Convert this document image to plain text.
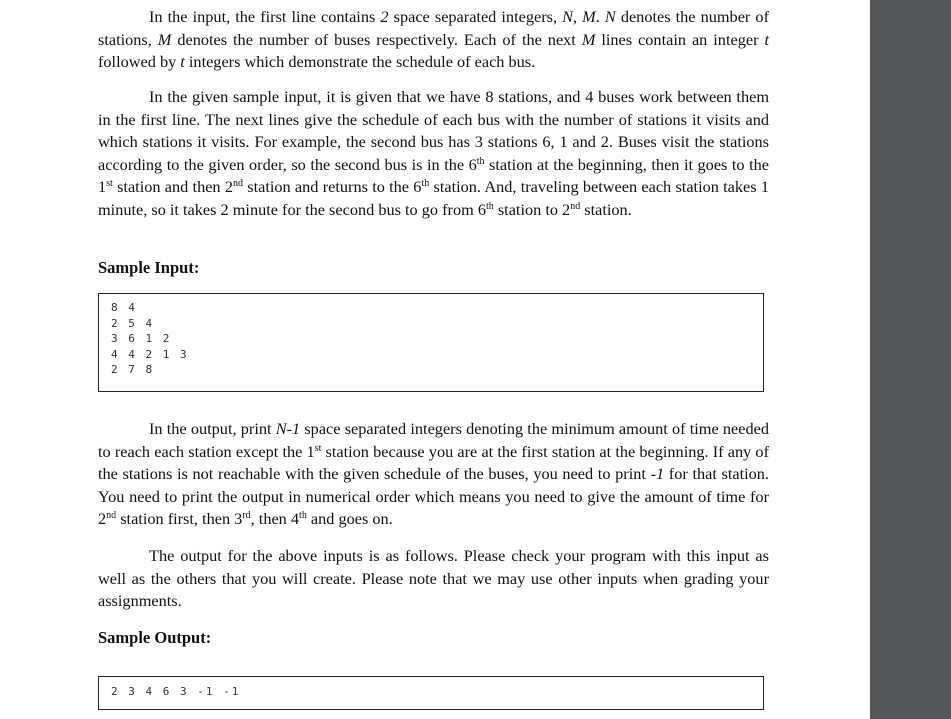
In the input, the first line contains 2 space separated integers, N, M. N denotes the number of stations, M denotes the number of buses respectively. Each of the next M lines contain an integer t followed by t integers which demonstrate the schedule of each bus.

In the given sample input, it is given that we have 8 stations, and 4 buses work between them in the first line. The next lines give the schedule of each bus with the number of stations it visits and which stations it visits. For example, the second bus has 3 stations 6, 1 and 2. Buses visit the stations according to the given order, so the second bus is in the 6th station at the beginning, then it goes to the 1st station and then 2nd station and returns to the 6th station. And, traveling between each station takes 1 minute, so it takes 2 minute for the second bus to go from 6th station to 2nd station.

Sample Input:
8 4
2 5 4
3 6 1 2
4 4 2 1 3
2 7 8

In the output, print N-1 space separated integers denoting the minimum amount of time needed to reach each station except the 1st station because you are at the first station at the beginning. If any of the stations is not reachable with the given schedule of the buses, you need to print -1 for that station. You need to print the output in numerical order which means you need to give the amount of time for 2nd station first, then 3rd, then 4th and goes on.

The output for the above inputs is as follows. Please check your program with this input as well as the others that you will create. Please note that we may use other inputs when grading your assignments.

Sample Output:
2 3 4 6 3 -1 -1
